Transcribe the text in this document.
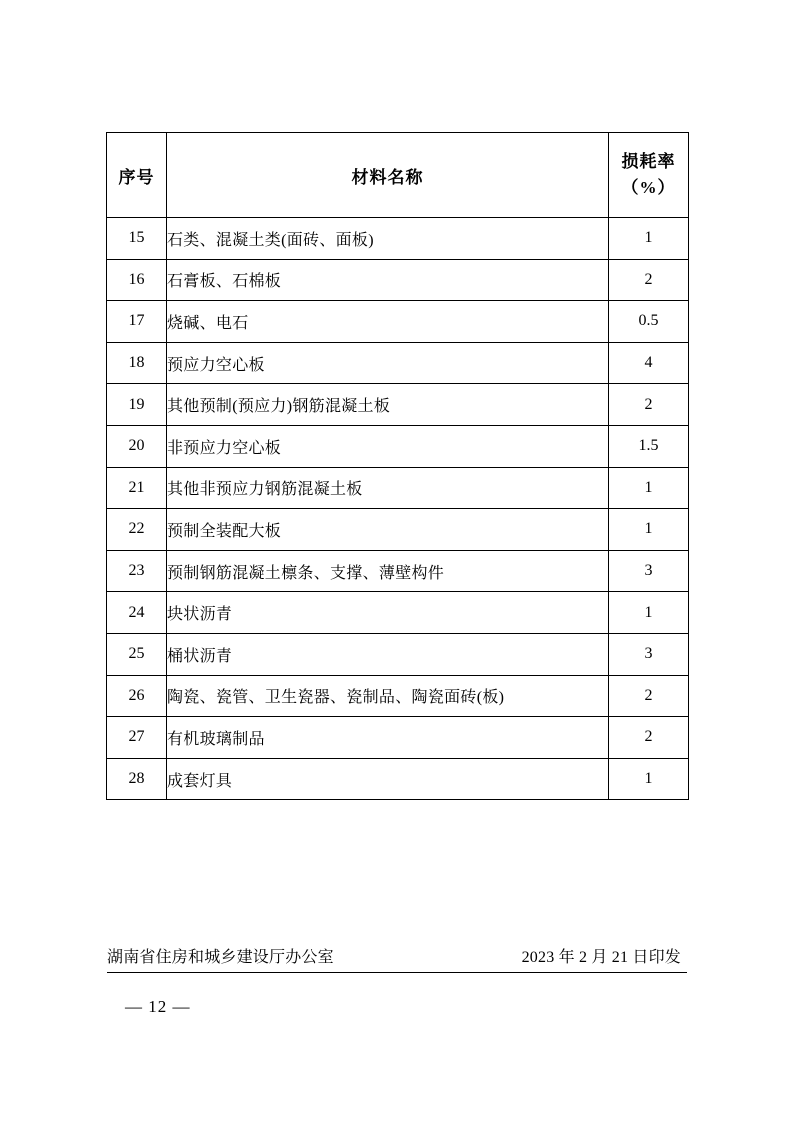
序号	材料名称	损耗率
（%）

15	石类、混凝土类(面砖、面板)	1
16	石膏板、石棉板	2
17	烧碱、电石	0.5
18	预应力空心板	4
19	其他预制(预应力)钢筋混凝土板	2
20	非预应力空心板	1.5
21	其他非预应力钢筋混凝土板	1
22	预制全装配大板	1
23	预制钢筋混凝土檩条、支撑、薄壁构件	3
24	块状沥青	1
25	桶状沥青	3
26	陶瓷、瓷管、卫生瓷器、瓷制品、陶瓷面砖(板)	2
27	有机玻璃制品	2
28	成套灯具	1
湖南省住房和城乡建设厅办公室	2023 年 2 月 21 日印发
— 12 —
